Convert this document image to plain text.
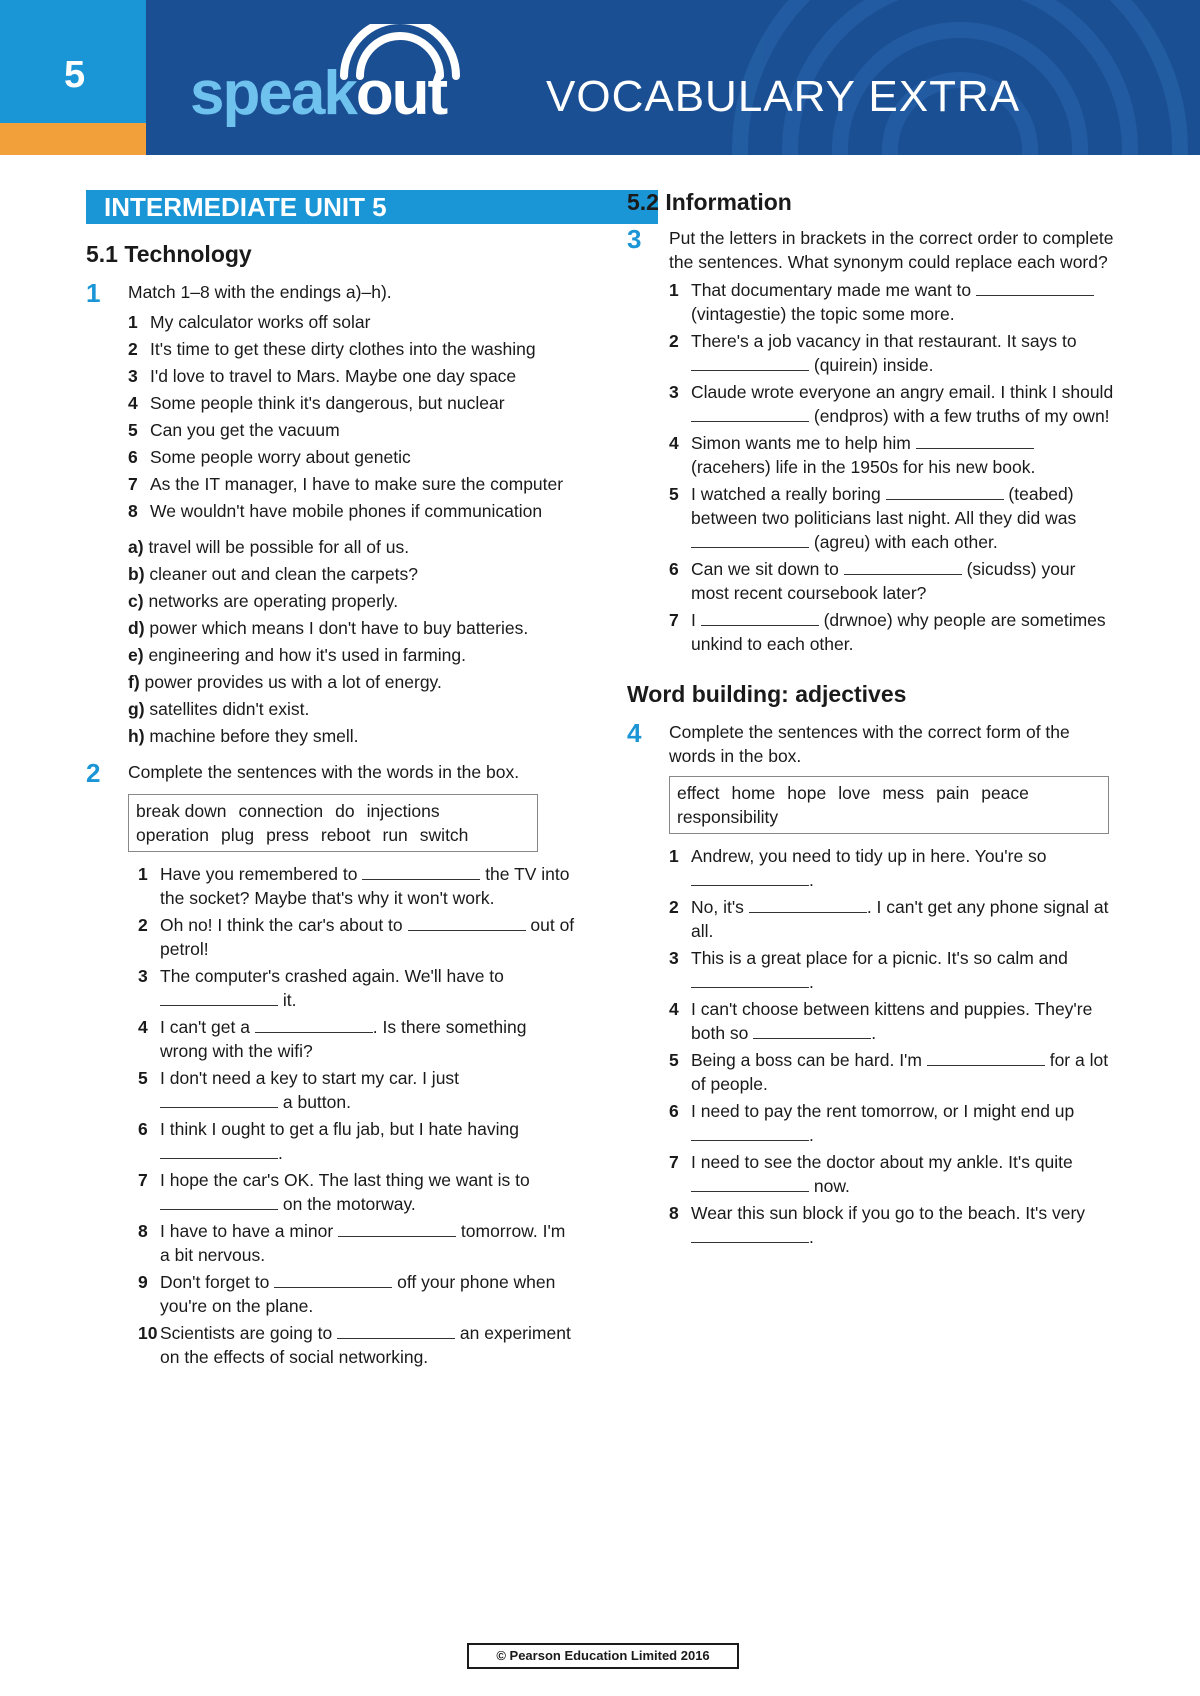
5 speakout VOCABULARY EXTRA
INTERMEDIATE UNIT 5
5.1 Technology
1	Match 1–8 with the endings a)–h).
1 My calculator works off solar
2 It's time to get these dirty clothes into the washing
3 I'd love to travel to Mars. Maybe one day space
4 Some people think it's dangerous, but nuclear
5 Can you get the vacuum
6 Some people worry about genetic
7 As the IT manager, I have to make sure the computer
8 We wouldn't have mobile phones if communication
a) travel will be possible for all of us.
b) cleaner out and clean the carpets?
c) networks are operating properly.
d) power which means I don't have to buy batteries.
e) engineering and how it's used in farming.
f) power provides us with a lot of energy.
g) satellites didn't exist.
h) machine before they smell.
2	Complete the sentences with the words in the box.
break down connection do injections
operation plug press reboot run switch
1 Have you remembered to	the TV into the socket? Maybe that's why it won't work.
2 Oh no! I think the car's about to	out of petrol!
3 The computer's crashed again. We'll have to  it.
4 I can't get a	. Is there something wrong with the wifi?
5 I don't need a key to start my car. I just  a button.
6 I think I ought to get a flu jab, but I hate having .
7 I hope the car's OK. The last thing we want is to  on the motorway.
8 I have to have a minor	tomorrow. I'm a bit nervous.
9 Don't forget to	off your phone when you're on the plane.
10 Scientists are going to	an experiment on the effects of social networking.
5.2 Information
3	Put the letters in brackets in the correct order to complete the sentences. What synonym could replace each word?
1 That documentary made me want to  (vintagestie) the topic some more.
2 There's a job vacancy in that restaurant. It says to  (quirein) inside.
3 Claude wrote everyone an angry email. I think I should  (endpros) with a few truths of my own!
4 Simon wants me to help him  (racehers) life in the 1950s for his new book.
5 I watched a really boring	(teabed) between two politicians last night. All they did was  (agreu) with each other.
6 Can we sit down to	(sicudss) your most recent coursebook later?
7 I	(drwnoe) why people are sometimes unkind to each other.
Word building: adjectives
4	Complete the sentences with the correct form of the words in the box.
effect home hope love mess pain peace
responsibility
1 Andrew, you need to tidy up in here. You're so .
2 No, it's	. I can't get any phone signal at all.
3 This is a great place for a picnic. It's so calm and .
4 I can't choose between kittens and puppies. They're both so	.
5 Being a boss can be hard. I'm	for a lot of people.
6 I need to pay the rent tomorrow, or I might end up .
7 I need to see the doctor about my ankle. It's quite  now.
8 Wear this sun block if you go to the beach. It's very .
© Pearson Education Limited 2016
